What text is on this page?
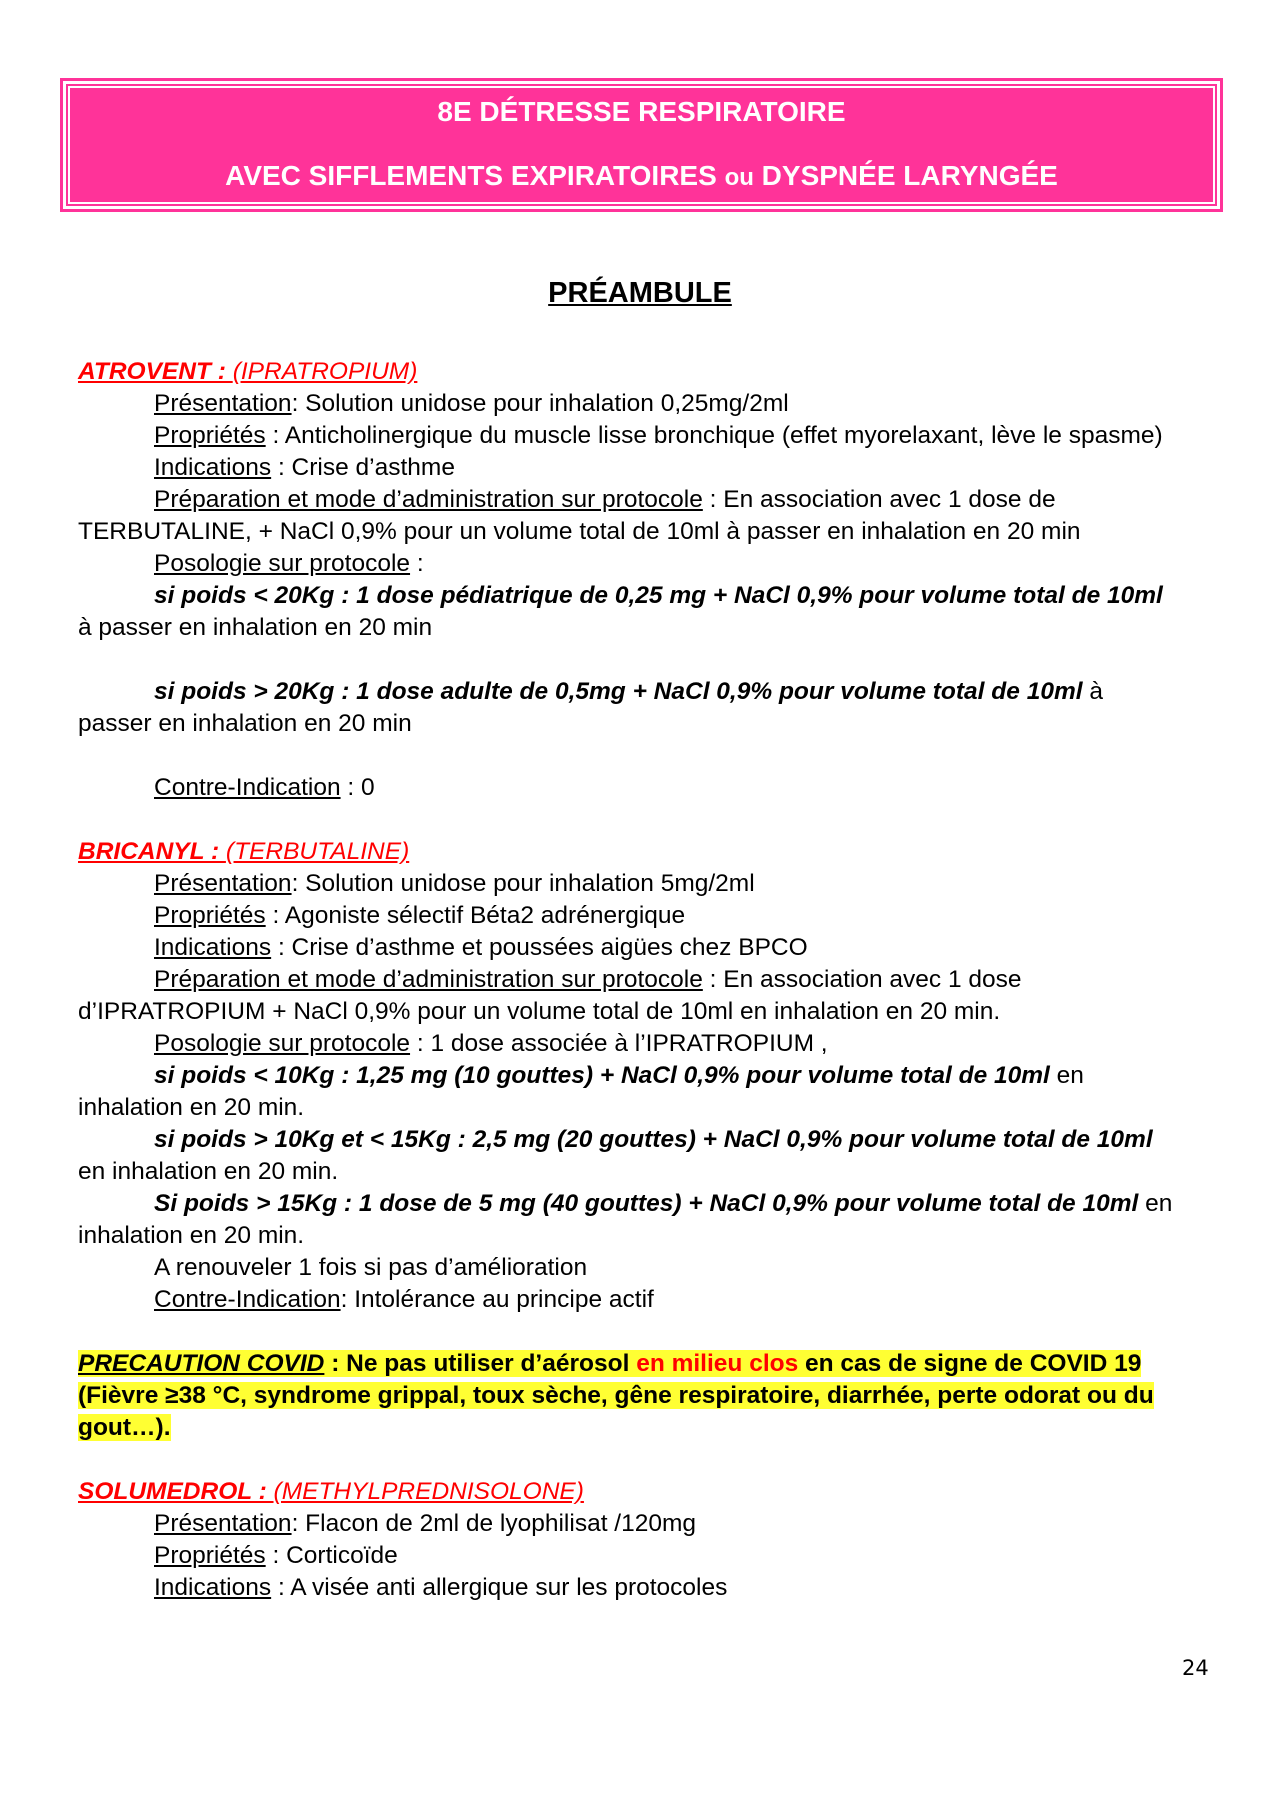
8E DÉTRESSE RESPIRATOIRE
AVEC SIFFLEMENTS EXPIRATOIRES ou DYSPNÉE LARYNGÉE
PRÉAMBULE

ATROVENT : (IPRATROPIUM)

Présentation: Solution unidose pour inhalation 0,25mg/2ml

Propriétés : Anticholinergique du muscle lisse bronchique (effet myorelaxant, lève le spasme)

Indications : Crise d’asthme

Préparation et mode d’administration sur protocole : En association avec 1 dose de TERBUTALINE, + NaCl 0,9% pour un volume total de 10ml à passer en inhalation en 20 min

Posologie sur protocole :

si poids < 20Kg : 1 dose pédiatrique de 0,25 mg + NaCl 0,9% pour volume total de 10ml à passer en inhalation en 20 min

si poids > 20Kg : 1 dose adulte de 0,5mg + NaCl 0,9% pour volume total de 10ml à passer en inhalation en 20 min

Contre-Indication : 0

BRICANYL : (TERBUTALINE)

Présentation: Solution unidose pour inhalation 5mg/2ml

Propriétés : Agoniste sélectif Béta2 adrénergique

Indications : Crise d’asthme et poussées aigües chez BPCO

Préparation et mode d’administration sur protocole : En association avec 1 dose d’IPRATROPIUM + NaCl 0,9% pour un volume total de 10ml en inhalation en 20 min.

Posologie sur protocole : 1 dose associée à l’IPRATROPIUM ,

si poids < 10Kg : 1,25 mg (10 gouttes) + NaCl 0,9% pour volume total de 10ml en inhalation en 20 min.

si poids > 10Kg et < 15Kg : 2,5 mg (20 gouttes) + NaCl 0,9% pour volume total de 10ml en inhalation en 20 min.

Si poids > 15Kg : 1 dose de 5 mg (40 gouttes) + NaCl 0,9% pour volume total de 10ml en inhalation en 20 min.

A renouveler 1 fois si pas d’amélioration

Contre-Indication: Intolérance au principe actif

PRECAUTION COVID : Ne pas utiliser d’aérosol en milieu clos en cas de signe de COVID 19 (Fièvre ≥38 °C, syndrome grippal, toux sèche, gêne respiratoire, diarrhée, perte odorat ou du gout…).

SOLUMEDROL : (METHYLPREDNISOLONE)

Présentation: Flacon de 2ml de lyophilisat /120mg

Propriétés : Corticoïde

Indications : A visée anti allergique sur les protocoles

24
